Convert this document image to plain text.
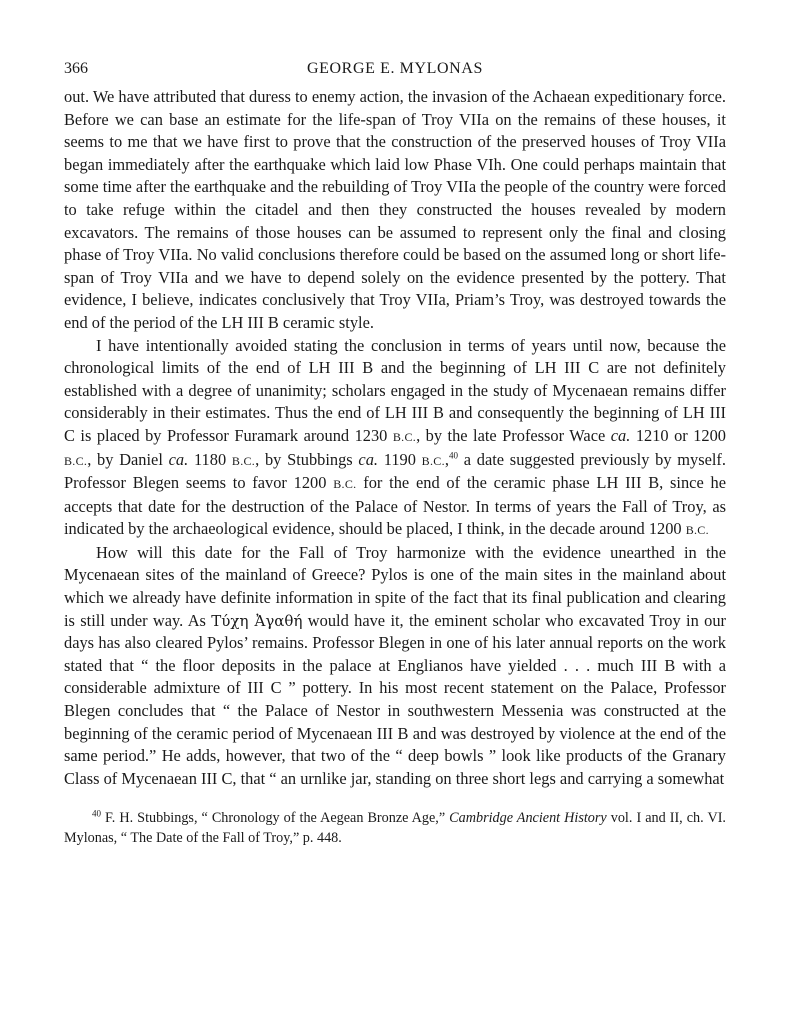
366	GEORGE E. MYLONAS

out. We have attributed that duress to enemy action, the invasion of the Achaean expeditionary force. Before we can base an estimate for the life-span of Troy VIIa on the remains of these houses, it seems to me that we have first to prove that the construction of the preserved houses of Troy VIIa began immediately after the earthquake which laid low Phase VIh. One could perhaps maintain that some time after the earthquake and the rebuilding of Troy VIIa the people of the country were forced to take refuge within the citadel and then they constructed the houses revealed by modern excavators. The remains of those houses can be assumed to represent only the final and closing phase of Troy VIIa. No valid conclusions therefore could be based on the assumed long or short life-span of Troy VIIa and we have to depend solely on the evidence presented by the pottery. That evidence, I believe, indicates conclusively that Troy VIIa, Priam’s Troy, was destroyed towards the end of the period of the LH III B ceramic style.

I have intentionally avoided stating the conclusion in terms of years until now, because the chronological limits of the end of LH III B and the beginning of LH III C are not definitely established with a degree of unanimity; scholars engaged in the study of Mycenaean remains differ considerably in their estimates. Thus the end of LH III B and consequently the beginning of LH III C is placed by Professor Furamark around 1230 B.C., by the late Professor Wace ca. 1210 or 1200 B.C., by Daniel ca. 1180 B.C., by Stubbings ca. 1190 B.C.,$^{40}$ a date suggested previously by myself. Professor Blegen seems to favor 1200 B.C. for the end of the ceramic phase LH III B, since he accepts that date for the destruction of the Palace of Nestor. In terms of years the Fall of Troy, as indicated by the archaeological evidence, should be placed, I think, in the decade around 1200 B.C.

How will this date for the Fall of Troy harmonize with the evidence unearthed in the Mycenaean sites of the mainland of Greece? Pylos is one of the main sites in the mainland about which we already have definite information in spite of the fact that its final publication and clearing is still under way. As Τύχη Ἀγαθή would have it, the eminent scholar who excavated Troy in our days has also cleared Pylos’ remains. Professor Blegen in one of his later annual reports on the work stated that “ the floor deposits in the palace at Englianos have yielded . . . much III B with a considerable admixture of III C ” pottery. In his most recent statement on the Palace, Professor Blegen concludes that “ the Palace of Nestor in southwestern Messenia was constructed at the beginning of the ceramic period of Mycenaean III B and was destroyed by violence at the end of the same period.” He adds, however, that two of the “ deep bowls ” look like products of the Granary Class of Mycenaean III C, that “ an urnlike jar, standing on three short legs and carrying a somewhat

$^{40}$ F. H. Stubbings, “ Chronology of the Aegean Bronze Age,” Cambridge Ancient History vol. I and II, ch. VI. Mylonas, “ The Date of the Fall of Troy,” p. 448.
